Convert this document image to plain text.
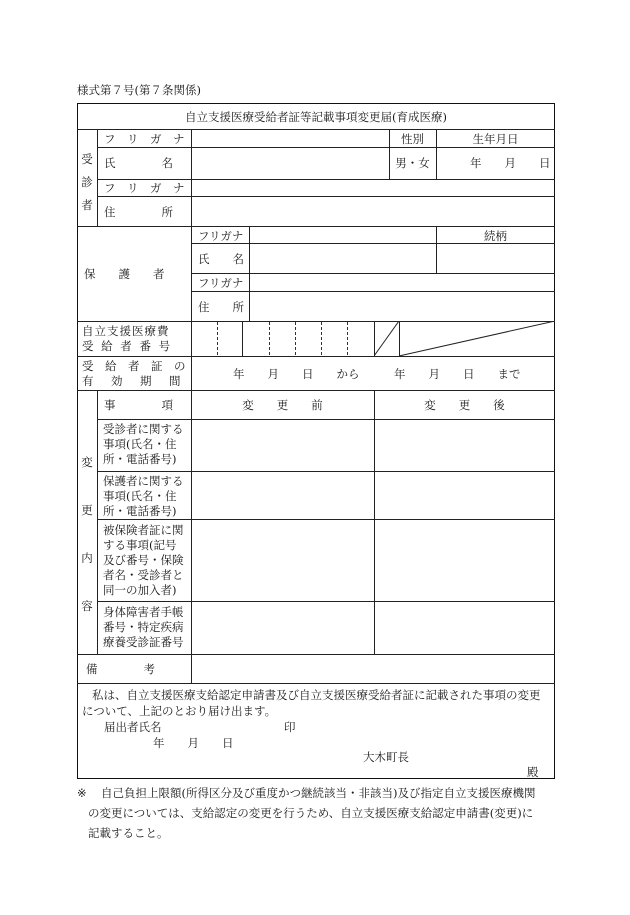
様式第７号(第７条関係)
自立支援医療受給者証等記載事項変更届(育成医療)
受
診
者
フ　リ　ガ　ナ	性別	生年月日
氏　　　　名	男・女	年　　月　　日
フ　リ　ガ　ナ
住　　　　所
保　　護　　者
フリガナ	続柄
氏　　名
フリガナ
住　　所
自立支援医療費
受 給 者 番 号
受　給　者　証　の
有　効　期　間	年　　月　　日　　から　　　年　　月　　日　　まで
変
更
内
容
事　　　　項	変　　更　　前	変　　更　　後
受診者に関する
事項(氏名・住
所・電話番号)
保護者に関する
事項(氏名・住
所・電話番号)
被保険者証に関
する事項(記号
及び番号・保険
者名・受診者と
同一の加入者)
身体障害者手帳
番号・特定疾病
療養受診証番号
備　　　　考
私は、自立支援医療支給認定申請書及び自立支援医療受給者証に記載された事項の変更
について、上記のとおり届け出ます。
届出者氏名	印
年　　月　　日
大木町長
殿
※ 自己負担上限額(所得区分及び重度かつ継続該当・非該当)及び指定自立支援医療機関
の変更については、支給認定の変更を行うため、自立支援医療支給認定申請書(変更)に
記載すること。
